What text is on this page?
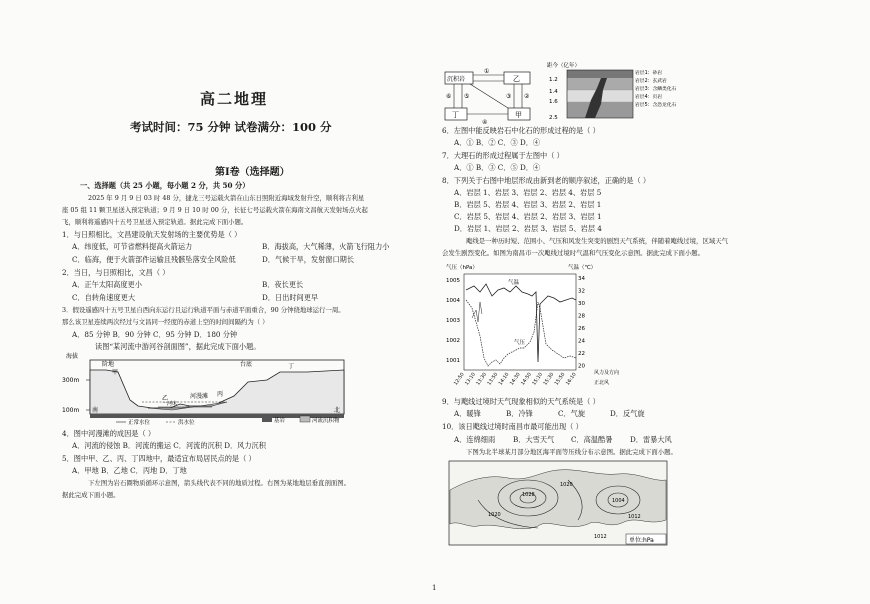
高二地理
考试时间：75 分钟 试卷满分：100 分
第Ⅰ卷（选择题）
一、选择题（共 25 小题，每小题 2 分，共 50 分）
2025 年 9 月 9 日 03 时 48 分，捷龙三号运载火箭在山东日照附近海域发射升空，顺利将吉利星
座 05 组 11 颗卫星送入预定轨道；9 月 9 日 10 时 00 分，长征七号运载火箭在海南文昌航天发射场点火起
飞，顺利将遥感四十五号卫星送入预定轨道。据此完成下面小题。
1．与日照相比，文昌建设航天发射场的主要优势是（ ）
A．纬度低，可节省燃料提高火箭运力	B．海拔高，大气稀薄，火箭飞行阻力小
C．临海，便于火箭部件运输且残骸坠落安全风险低	D．气候干旱，发射窗口期长
2．当日，与日照相比，文昌（ ）
A．正午太阳高度更小	B．夜长更长
C．自转角速度更大	D．日出时间更早
3．假设遥感四十五号卫星自西向东运行且运行轨道平面与赤道平面重合，90 分钟绕地球运行一周。
那么该卫星连续两次经过与文昌同一经度的赤道上空的时间间隔约为（ ）
A．85 分钟 B．90 分钟 C．95 分钟 D．180 分钟
读图“某河流中游河谷剖面图”，据此完成下面小题。
海拔
300m
100m
阶地	台底
河漫滩
甲
乙
丙
丁
一河床
南	北
基岩	河流沉积物
正常水位	洪水位
4．图中河漫滩的成因是（ ）
A．河流的侵蚀 B．河流的搬运 C．河流的沉积 D．风力沉积
5．图中甲、乙、丙、丁四地中，最适宜布局居民点的是（ ）
A．甲地 B．乙地 C．丙地 D．丁地
下左图为岩石圈物质循环示意图，箭头线代表不同的地质过程。右图为某地地层垂直剖面图。
据此完成下面小题。
沉积岩	乙
丁	甲
①
②
③
④
⑤
⑥
距今（亿年）
1.2
1.4
1.6
2.5
岩层1：砂岩
岩层2：玄武岩
岩层3：含鳞类化石
岩层4：页岩
岩层5：含恐龙化石
6．左图中能反映岩石中化石的形成过程的是（ ）
A．① B．② C．③ D．④
7．大理石的形成过程属于左图中（ ）
A．① B．③ C．⑤ D．④
8．下列关于右图中地层形成由新到老的顺序叙述，正确的是（ ）
A．岩层 1、岩层 3、岩层 2、岩层 4、岩层 5
B．岩层 5、岩层 4、岩层 3、岩层 2、岩层 1
C．岩层 5、岩层 4、岩层 2、岩层 3、岩层 1
D．岩层 1、岩层 2、岩层 3、岩层 5、岩层 4
飑线是一种历时短、范围小、气压和风发生突变的剧烈天气系统，伴随着飑线过境，区域天气
会发生剧烈变化。如图为南昌市一次飑线过境时气温和气压变化示意图。据此完成下面小题。
气压（hPa）	气温（℃）
1005
1004
1003
1002
1001
34
32
30
28
26
24
22
20
12:50 13:10 13:30 13:50 14:10 14:30 14:50 15:10 15:30 15:50 16:10
气温
气压
风力及方向
正北风
9．与飑线过境时天气现象相似的天气系统是（ ）
A．暖锋	B．冷锋	C．气旋	D．反气旋
10．该日飑线过境时南昌市最可能出现（ ）
A．连绵细雨 B．大雪天气 C．高温酷暑 D．雷暴大风
下图为北半球某月部分地区海平面等压线分布示意图。据此完成下面小题。
1028
1004
1012
1020
1012
1020
单位:hPa
1
